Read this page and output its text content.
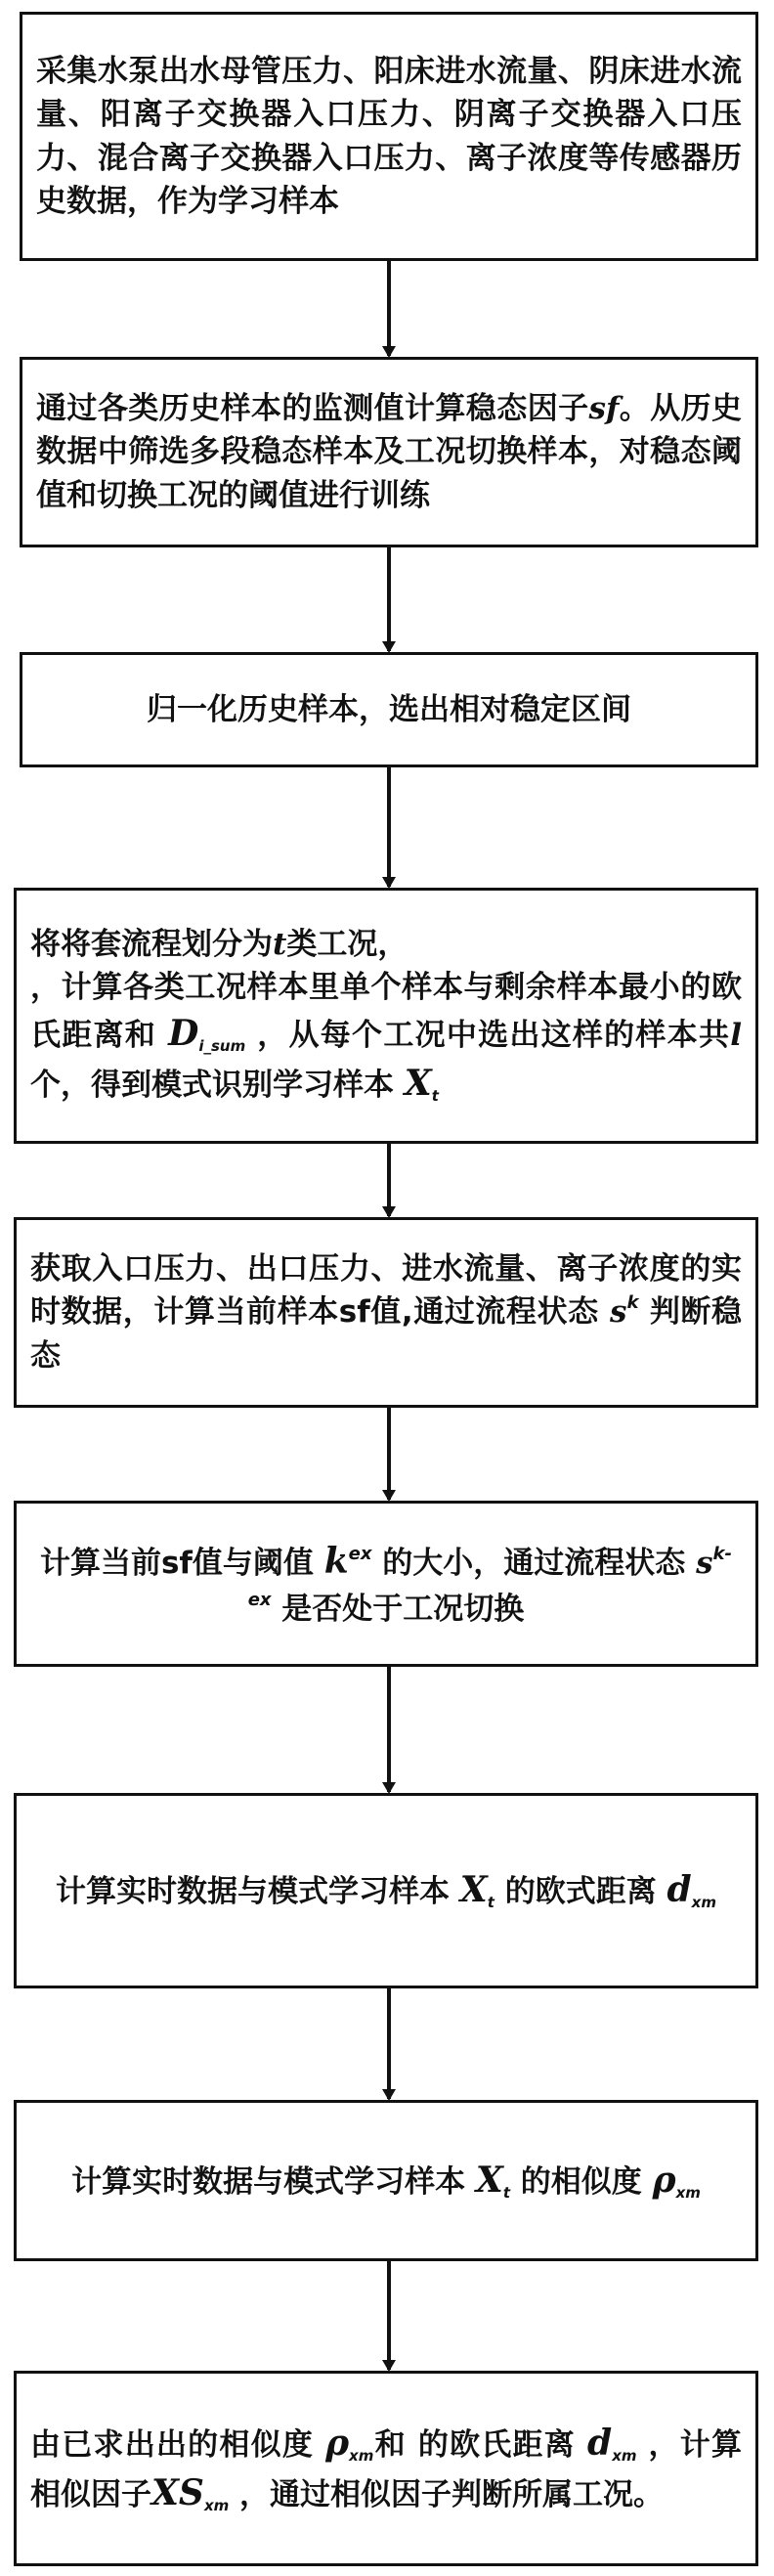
采集水泵出水母管压力、阳床进水流量、阴床进水流量、阳离子交换器入口压力、阴离子交换器入口压力、混合离子交换器入口压力、离子浓度等传感器历史数据，作为学习样本
通过各类历史样本的监测值计算稳态因子sf。从历史数据中筛选多段稳态样本及工况切换样本，对稳态阈值和切换工况的阈值进行训练
归一化历史样本，选出相对稳定区间
将将套流程划分为t类工况，
，计算各类工况样本里单个样本与剩余样本最小的欧氏距离和 $D_{i\_sum}$ ，从每个工况中选出这样的样本共l个，得到模式识别学习样本 $X_t$
获取入口压力、出口压力、进水流量、离子浓度的实时数据，计算当前样本sf值,通过流程状态 $s^k$ 判断稳态
计算当前sf值与阈值 $k^{ex}$ 的大小，通过流程状态 $s^{k-ex}$ 是否处于工况切换
计算实时数据与模式学习样本 $X_t$ 的欧式距离 $d_{xm}$
计算实时数据与模式学习样本 $X_t$ 的相似度 $\rho_{xm}$
由已求出出的相似度 $\rho_{xm}$和 的欧氏距离 $d_{xm}$ ，计算相似因子$XS_{xm}$ ，通过相似因子判断所属工况。
